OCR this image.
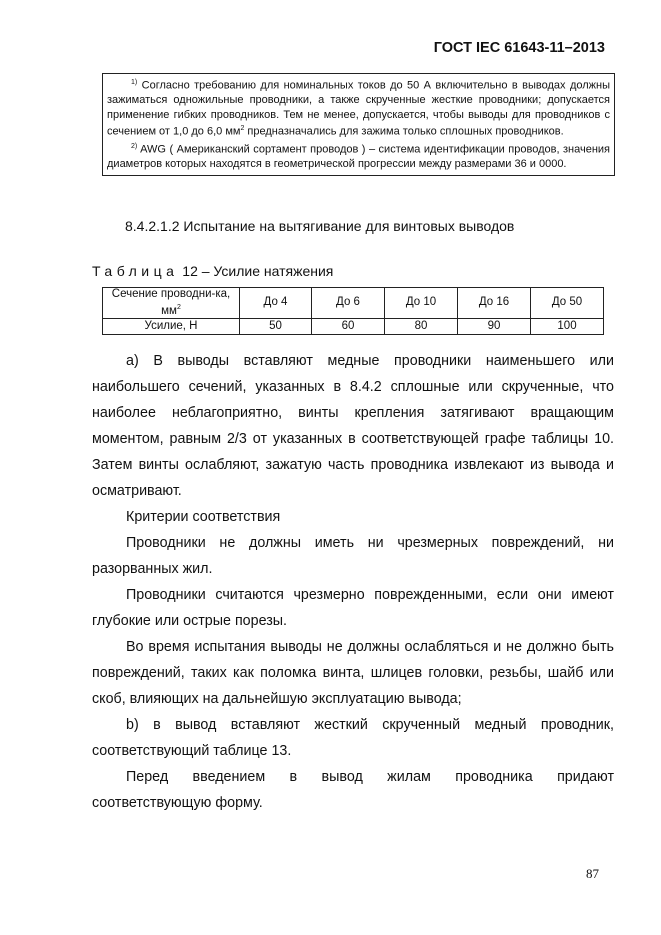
ГОСТ IEC 61643-11–2013

$^{1)}$ Согласно требованию для номинальных токов до 50 А включительно в выводах должны зажиматься одножильные проводники, а также скрученные жесткие проводники; допускается применение гибких проводников. Тем не менее, допускается, чтобы выводы для проводников с сечением от 1,0 до 6,0 $мм^2$ предназначались для зажима только сплошных проводников.

$^{2)}$ AWG ( Американский сортамент проводов ) – система идентификации проводов, значения диаметров которых находятся в геометрической прогрессии между размерами 36 и 0000.

8.4.2.1.2 Испытание на вытягивание для винтовых выводов
Таблица 12 – Усилие натяжения
Сечение проводни-ка, $мм^2$	До 4	До 6	До 10	До 16	До 50
Усилие, Н	50	60	80	90	100

а) В выводы вставляют медные проводники наименьшего или наибольшего сечений, указанных в 8.4.2 сплошные или скрученные, что наиболее неблагоприятно, винты крепления затягивают вращающим моментом, равным 2/3 от указанных в соответствующей графе таблицы 10. Затем винты ослабляют, зажатую часть проводника извлекают из вывода и осматривают.

Критерии соответствия

Проводники не должны иметь ни чрезмерных повреждений, ни разорванных жил.

Проводники считаются чрезмерно поврежденными, если они имеют глубокие или острые порезы.

Во время испытания выводы не должны ослабляться и не должно быть повреждений, таких как поломка винта, шлицев головки, резьбы, шайб или скоб, влияющих на дальнейшую эксплуатацию вывода;

b) в вывод вставляют жесткий скрученный медный проводник, соответствующий таблице 13.

Перед введением в вывод жилам проводника придают соответствующую форму.

87
